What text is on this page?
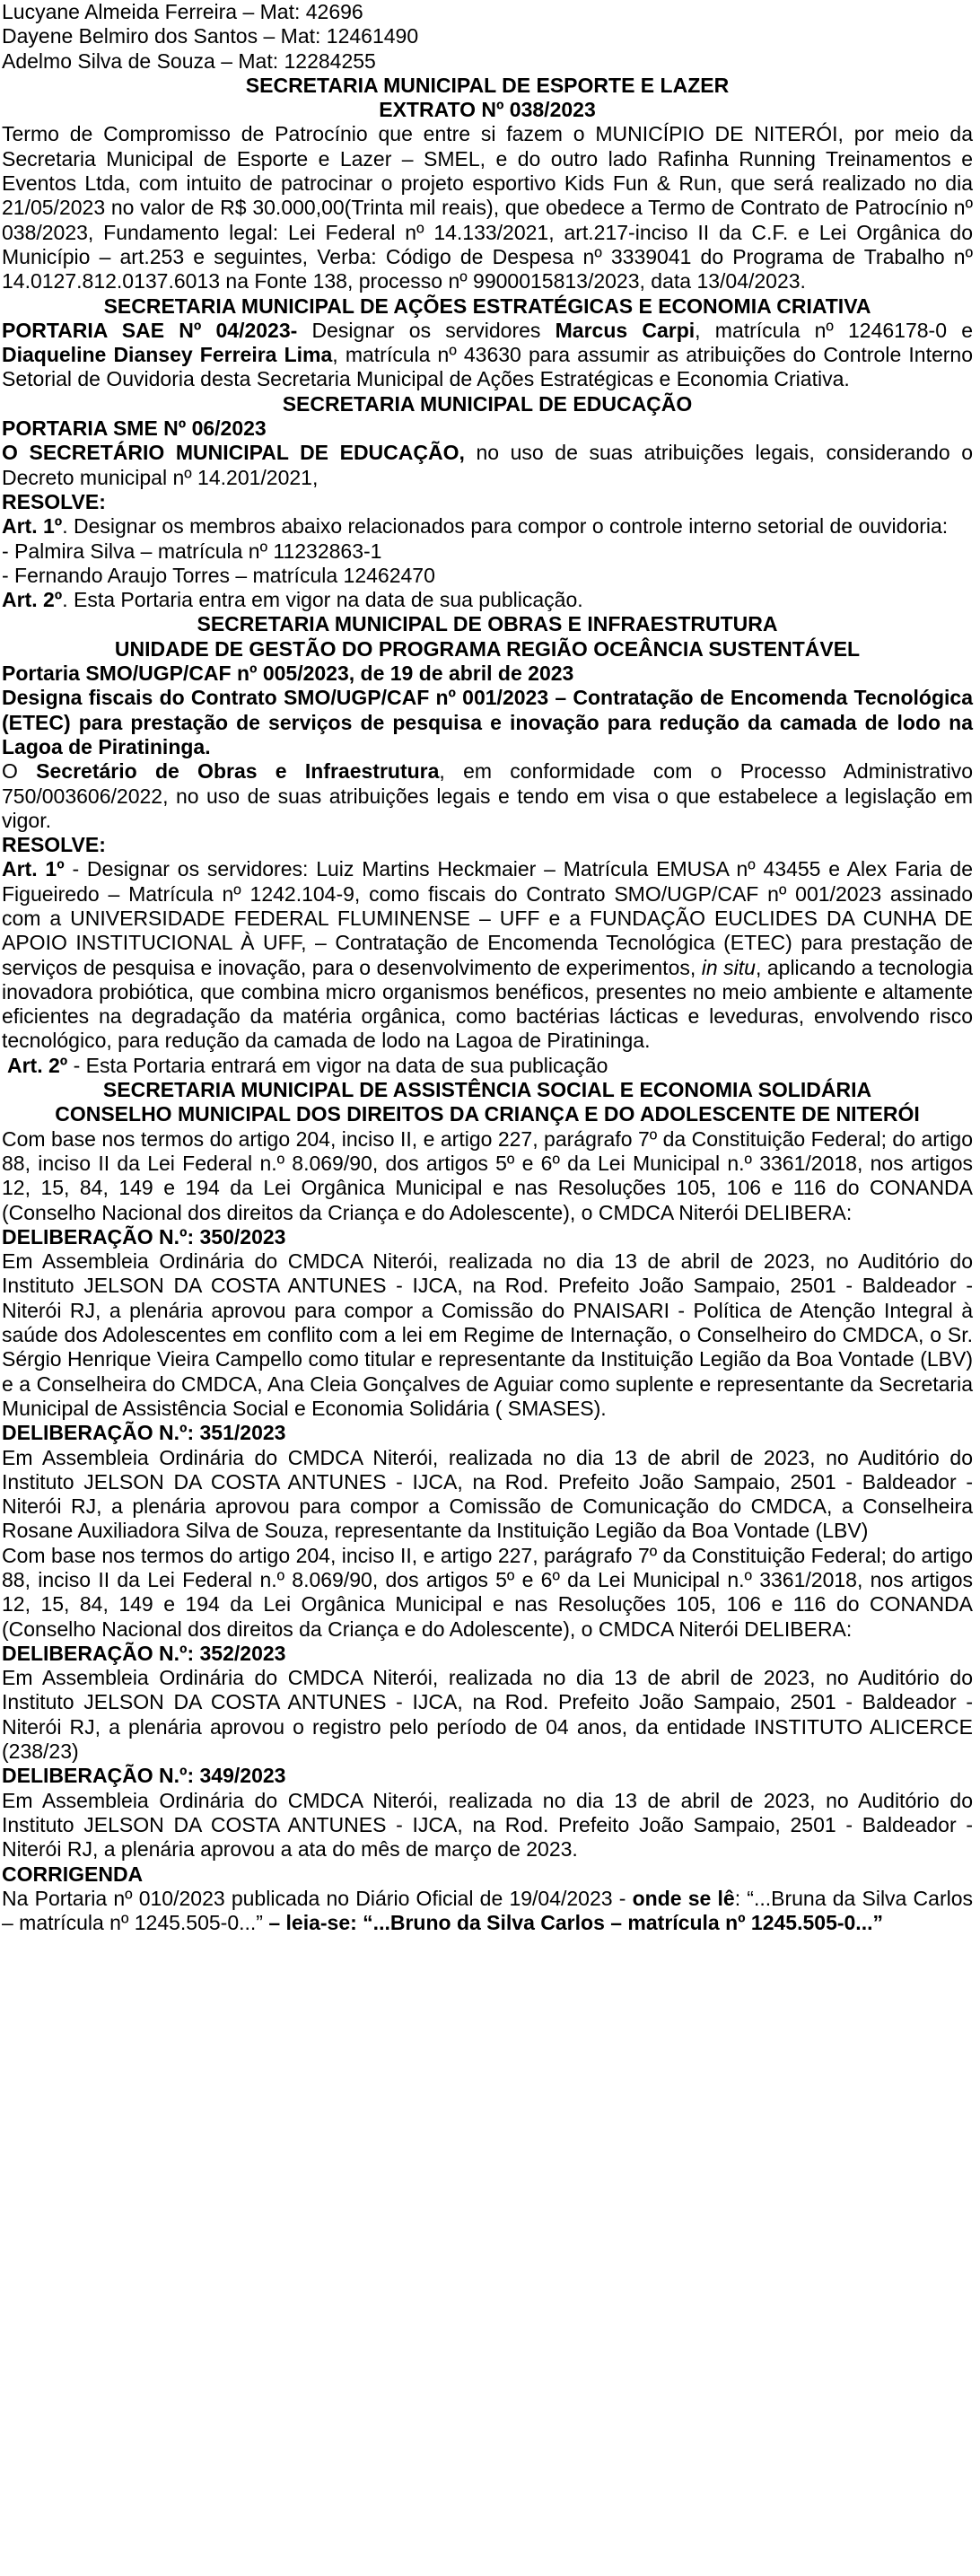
Lucyane Almeida Ferreira – Mat: 42696

Dayene Belmiro dos Santos – Mat: 12461490

Adelmo Silva de Souza – Mat: 12284255

SECRETARIA MUNICIPAL DE ESPORTE E LAZER

EXTRATO Nº 038/2023

Termo de Compromisso de Patrocínio que entre si fazem o MUNICÍPIO DE NITERÓI, por meio da Secretaria Municipal de Esporte e Lazer – SMEL, e do outro lado Rafinha Running Treinamentos e Eventos Ltda, com intuito de patrocinar o projeto esportivo Kids Fun & Run, que será realizado no dia 21/05/2023 no valor de R$ 30.000,00(Trinta mil reais), que obedece a Termo de Contrato de Patrocínio nº 038/2023, Fundamento legal: Lei Federal nº 14.133/2021, art.217-inciso II da C.F. e Lei Orgânica do Município – art.253 e seguintes, Verba: Código de Despesa nº 3339041 do Programa de Trabalho nº 14.0127.812.0137.6013 na Fonte 138, processo nº 9900015813/2023, data 13/04/2023.

SECRETARIA MUNICIPAL DE AÇÕES ESTRATÉGICAS E ECONOMIA CRIATIVA

PORTARIA SAE Nº 04/2023- Designar os servidores Marcus Carpi, matrícula nº 1246178-0 e Diaqueline Diansey Ferreira Lima, matrícula nº 43630 para assumir as atribuições do Controle Interno Setorial de Ouvidoria desta Secretaria Municipal de Ações Estratégicas e Economia Criativa.

SECRETARIA MUNICIPAL DE EDUCAÇÃO

PORTARIA SME Nº 06/2023

O SECRETÁRIO MUNICIPAL DE EDUCAÇÃO, no uso de suas atribuições legais, considerando o Decreto municipal nº 14.201/2021,

RESOLVE:

Art. 1º. Designar os membros abaixo relacionados para compor o controle interno setorial de ouvidoria:

- Palmira Silva – matrícula nº 11232863-1

- Fernando Araujo Torres – matrícula 12462470

Art. 2º. Esta Portaria entra em vigor na data de sua publicação.

SECRETARIA MUNICIPAL DE OBRAS E INFRAESTRUTURA

UNIDADE DE GESTÃO DO PROGRAMA REGIÃO OCEÂNCIA SUSTENTÁVEL

Portaria SMO/UGP/CAF nº 005/2023, de 19 de abril de 2023

Designa fiscais do Contrato SMO/UGP/CAF nº 001/2023 – Contratação de Encomenda Tecnológica (ETEC) para prestação de serviços de pesquisa e inovação para redução da camada de lodo na Lagoa de Piratininga.

O Secretário de Obras e Infraestrutura, em conformidade com o Processo Administrativo 750/003606/2022, no uso de suas atribuições legais e tendo em visa o que estabelece a legislação em vigor.

RESOLVE:

Art. 1º - Designar os servidores: Luiz Martins Heckmaier – Matrícula EMUSA nº 43455 e Alex Faria de Figueiredo – Matrícula nº 1242.104-9, como fiscais do Contrato SMO/UGP/CAF nº 001/2023 assinado com a UNIVERSIDADE FEDERAL FLUMINENSE – UFF e a FUNDAÇÃO EUCLIDES DA CUNHA DE APOIO INSTITUCIONAL À UFF, – Contratação de Encomenda Tecnológica (ETEC) para prestação de serviços de pesquisa e inovação, para o desenvolvimento de experimentos, in situ, aplicando a tecnologia inovadora probiótica, que combina micro organismos benéficos, presentes no meio ambiente e altamente eficientes na degradação da matéria orgânica, como bactérias lácticas e leveduras, envolvendo risco tecnológico, para redução da camada de lodo na Lagoa de Piratininga.

Art. 2º - Esta Portaria entrará em vigor na data de sua publicação

SECRETARIA MUNICIPAL DE ASSISTÊNCIA SOCIAL E ECONOMIA SOLIDÁRIA

CONSELHO MUNICIPAL DOS DIREITOS DA CRIANÇA E DO ADOLESCENTE DE NITERÓI

Com base nos termos do artigo 204, inciso II, e artigo 227, parágrafo 7º da Constituição Federal; do artigo 88, inciso II da Lei Federal n.º 8.069/90, dos artigos 5º e 6º da Lei Municipal n.º 3361/2018, nos artigos 12, 15, 84, 149 e 194 da Lei Orgânica Municipal e nas Resoluções 105, 106 e 116 do CONANDA (Conselho Nacional dos direitos da Criança e do Adolescente), o CMDCA Niterói DELIBERA:

DELIBERAÇÃO N.º: 350/2023

Em Assembleia Ordinária do CMDCA Niterói, realizada no dia 13 de abril de 2023, no Auditório do Instituto JELSON DA COSTA ANTUNES - IJCA, na Rod. Prefeito João Sampaio, 2501 - Baldeador - Niterói RJ, a plenária aprovou para compor a Comissão do PNAISARI - Política de Atenção Integral à saúde dos Adolescentes em conflito com a lei em Regime de Internação, o Conselheiro do CMDCA, o Sr. Sérgio Henrique Vieira Campello como titular e representante da Instituição Legião da Boa Vontade (LBV) e a Conselheira do CMDCA, Ana Cleia Gonçalves de Aguiar como suplente e representante da Secretaria Municipal de Assistência Social e Economia Solidária ( SMASES).

DELIBERAÇÃO N.º: 351/2023

Em Assembleia Ordinária do CMDCA Niterói, realizada no dia 13 de abril de 2023, no Auditório do Instituto JELSON DA COSTA ANTUNES - IJCA, na Rod. Prefeito João Sampaio, 2501 - Baldeador - Niterói RJ, a plenária aprovou para compor a Comissão de Comunicação do CMDCA, a Conselheira Rosane Auxiliadora Silva de Souza, representante da Instituição Legião da Boa Vontade (LBV)

Com base nos termos do artigo 204, inciso II, e artigo 227, parágrafo 7º da Constituição Federal; do artigo 88, inciso II da Lei Federal n.º 8.069/90, dos artigos 5º e 6º da Lei Municipal n.º 3361/2018, nos artigos 12, 15, 84, 149 e 194 da Lei Orgânica Municipal e nas Resoluções 105, 106 e 116 do CONANDA (Conselho Nacional dos direitos da Criança e do Adolescente), o CMDCA Niterói DELIBERA:

DELIBERAÇÃO N.º: 352/2023

Em Assembleia Ordinária do CMDCA Niterói, realizada no dia 13 de abril de 2023, no Auditório do Instituto JELSON DA COSTA ANTUNES - IJCA, na Rod. Prefeito João Sampaio, 2501 - Baldeador - Niterói RJ, a plenária aprovou o registro pelo período de 04 anos, da entidade INSTITUTO ALICERCE (238/23)

DELIBERAÇÃO N.º: 349/2023

Em Assembleia Ordinária do CMDCA Niterói, realizada no dia 13 de abril de 2023, no Auditório do Instituto JELSON DA COSTA ANTUNES - IJCA, na Rod. Prefeito João Sampaio, 2501 - Baldeador - Niterói RJ, a plenária aprovou a ata do mês de março de 2023.

CORRIGENDA

Na Portaria nº 010/2023 publicada no Diário Oficial de 19/04/2023 - onde se lê: “...Bruna da Silva Carlos – matrícula nº 1245.505-0...” – leia-se: “...Bruno da Silva Carlos – matrícula nº 1245.505-0...”
